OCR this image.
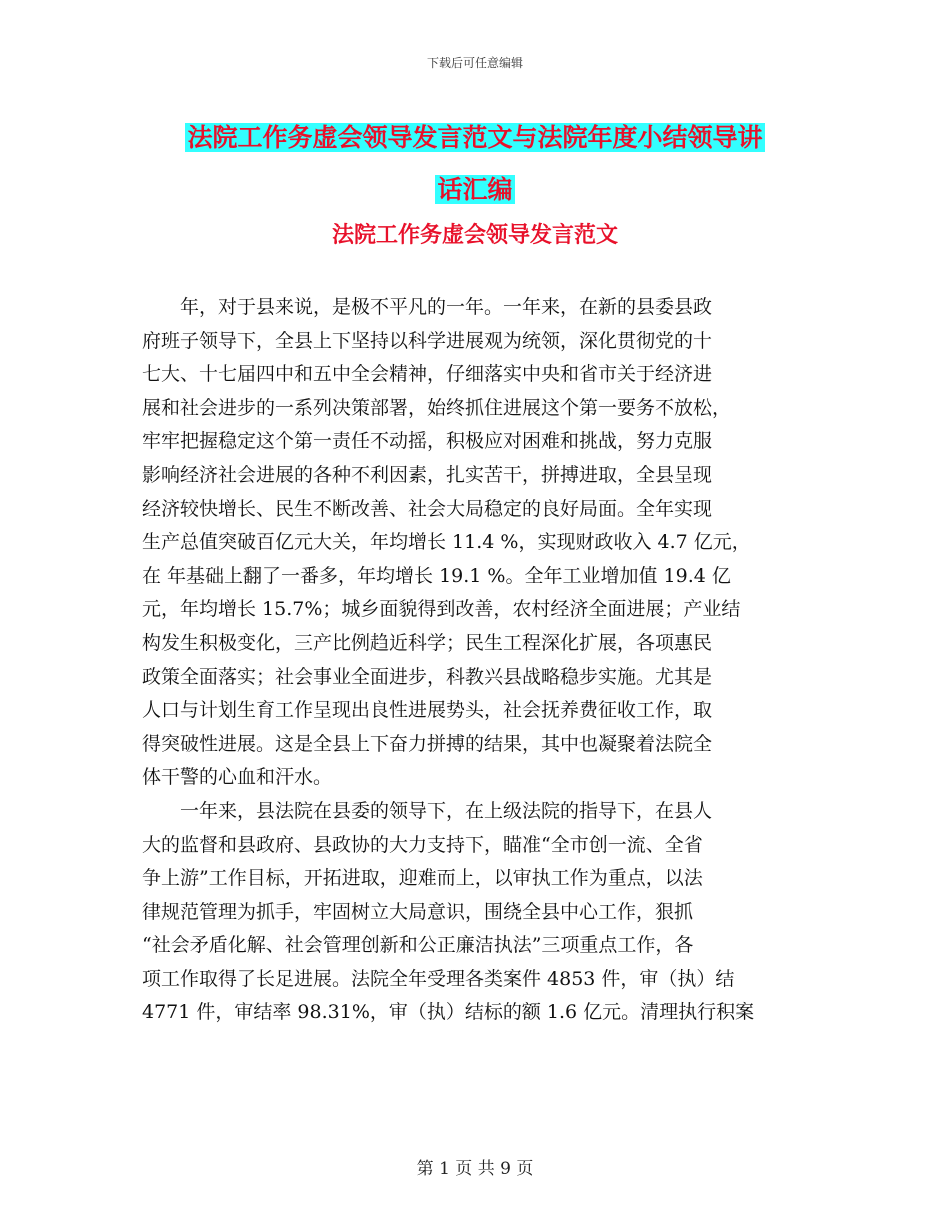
下载后可任意编辑
法院工作务虚会领导发言范文与法院年度小结领导讲
话汇编
法院工作务虚会领导发言范文
年，对于县来说，是极不平凡的一年。一年来，在新的县委县政
府班子领导下，全县上下坚持以科学进展观为统领，深化贯彻党的十
七大、十七届四中和五中全会精神，仔细落实中央和省市关于经济进
展和社会进步的一系列决策部署，始终抓住进展这个第一要务不放松，
牢牢把握稳定这个第一责任不动摇，积极应对困难和挑战，努力克服
影响经济社会进展的各种不利因素，扎实苦干，拼搏进取，全县呈现
经济较快增长、民生不断改善、社会大局稳定的良好局面。全年实现
生产总值突破百亿元大关，年均增长 11.4 %，实现财政收入 4.7 亿元，
在 年基础上翻了一番多，年均增长 19.1 %。全年工业增加值 19.4 亿
元，年均增长 15.7%；城乡面貌得到改善，农村经济全面进展；产业结
构发生积极变化，三产比例趋近科学；民生工程深化扩展，各项惠民
政策全面落实；社会事业全面进步，科教兴县战略稳步实施。尤其是
人口与计划生育工作呈现出良性进展势头，社会抚养费征收工作，取
得突破性进展。这是全县上下奋力拼搏的结果，其中也凝聚着法院全
体干警的心血和汗水。
一年来，县法院在县委的领导下，在上级法院的指导下，在县人
大的监督和县政府、县政协的大力支持下，瞄准“全市创一流、全省
争上游”工作目标，开拓进取，迎难而上，以审执工作为重点，以法
律规范管理为抓手，牢固树立大局意识，围绕全县中心工作，狠抓
“社会矛盾化解、社会管理创新和公正廉洁执法”三项重点工作，各
项工作取得了长足进展。法院全年受理各类案件 4853 件，审（执）结
4771 件，审结率 98.31%，审（执）结标的额 1.6 亿元。清理执行积案
第 1 页 共 9 页
